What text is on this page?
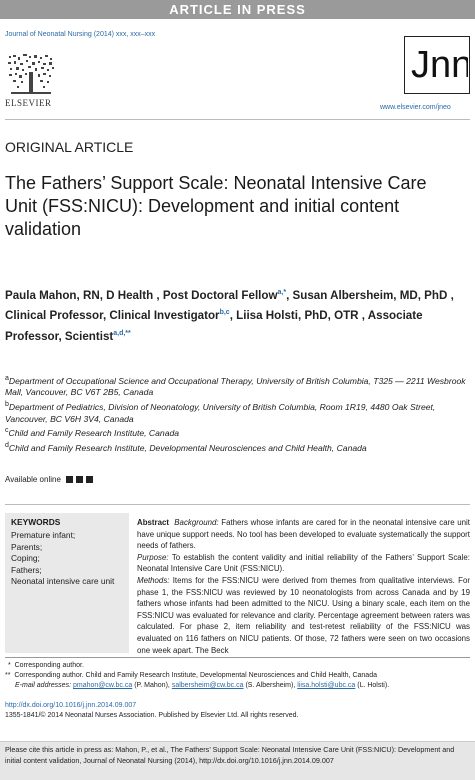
ARTICLE IN PRESS
Journal of Neonatal Nursing (2014) xxx, xxx–xxx
ELSEVIER
Jnn
www.elsevier.com/jneo
ORIGINAL ARTICLE
The Fathers’ Support Scale: Neonatal Intensive Care Unit (FSS:NICU): Development and initial content validation
Paula Mahon, RN, D Health , Post Doctoral Fellow$^{a,*}$, Susan Albersheim, MD, PhD , Clinical Professor, Clinical Investigator$^{b,c}$, Liisa Holsti, PhD, OTR , Associate Professor, Scientist$^{a,d,**}$
$^a$Department of Occupational Science and Occupational Therapy, University of British Columbia, T325 — 2211 Wesbrook Mall, Vancouver, BC V6T 2B5, Canada
$^b$Department of Pediatrics, Division of Neonatology, University of British Columbia, Room 1R19, 4480 Oak Street, Vancouver, BC V6H 3V4, Canada
$^c$Child and Family Research Institute, Canada
$^d$Child and Family Research Institute, Developmental Neurosciences and Child Health, Canada
Available online
KEYWORDS
Premature infant;
Parents;
Coping;
Fathers;
Neonatal intensive care unit
Abstract Background: Fathers whose infants are cared for in the neonatal intensive care unit have unique support needs. No tool has been developed to evaluate systematically the support needs of fathers.
Purpose: To establish the content validity and initial reliability of the Fathers’ Support Scale: Neonatal Intensive Care Unit (FSS:NICU).
Methods: Items for the FSS:NICU were derived from themes from qualitative interviews. For phase 1, the FSS:NICU was reviewed by 10 neonatologists from across Canada and by 19 fathers whose infants had been admitted to the NICU. Using a binary scale, each item on the FSS:NICU was evaluated for relevance and clarity. Percentage agreement between raters was calculated. For phase 2, item reliability and test-retest reliability of the FSS:NICU was evaluated on 116 fathers on NICU patients. Of those, 72 fathers were seen on two occasions one week apart. The Beck
* Corresponding author.
**  Corresponding author. Child and Family Research Institute, Developmental Neurosciences and Child Health, Canada
E-mail addresses: pmahon@cw.bc.ca (P. Mahon), salbersheim@cw.bc.ca (S. Albersheim), liisa.holsti@ubc.ca (L. Holsti).
http://dx.doi.org/10.1016/j.jnn.2014.09.007
1355-1841/© 2014 Neonatal Nurses Association. Published by Elsevier Ltd. All rights reserved.
Please cite this article in press as: Mahon, P., et al., The Fathers’ Support Scale: Neonatal Intensive Care Unit (FSS:NICU): Development and initial content validation, Journal of Neonatal Nursing (2014), http://dx.doi.org/10.1016/j.jnn.2014.09.007
